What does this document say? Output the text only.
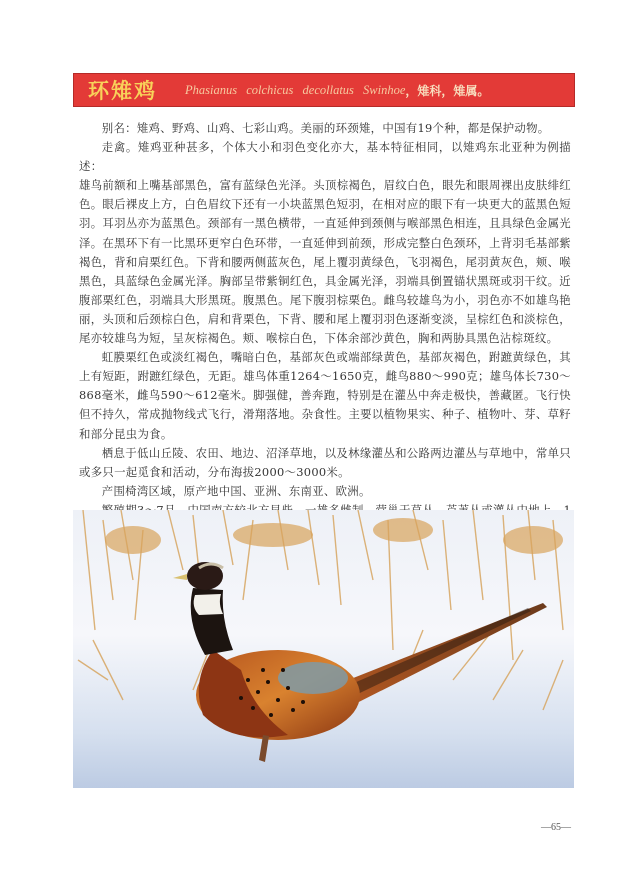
环雉鸡 Phasianus colchicus decollatus Swinhoe ，雉科，雉属。

别名：雉鸡、野鸡、山鸡、七彩山鸡。美丽的环颈雉，中国有19个种，都是保护动物。

走禽。雉鸡亚种甚多，个体大小和羽色变化亦大，基本特征相同，以雉鸡东北亚种为例描述：

雄鸟前额和上嘴基部黑色，富有蓝绿色光泽。头顶棕褐色，眉纹白色，眼先和眼周裸出皮肤绯红色。眼后裸皮上方，白色眉纹下还有一小块蓝黑色短羽，在相对应的眼下有一块更大的蓝黑色短羽。耳羽丛亦为蓝黑色。颈部有一黑色横带，一直延伸到颈侧与喉部黑色相连，且具绿色金属光泽。在黑环下有一比黑环更窄白色环带，一直延伸到前颈，形成完整白色颈环，上背羽毛基部紫褐色，背和肩栗红色。下背和腰两侧蓝灰色，尾上覆羽黄绿色，飞羽褐色，尾羽黄灰色，颊、喉黑色，具蓝绿色金属光泽。胸部呈带紫铜红色，具金属光泽，羽端具倒置锚状黑斑或羽干纹。近腹部栗红色，羽端具大形黑斑。腹黑色。尾下腹羽棕栗色。雌鸟较雄鸟为小，羽色亦不如雄鸟艳丽，头顶和后颈棕白色，肩和背栗色，下背、腰和尾上覆羽羽色逐渐变淡，呈棕红色和淡棕色，尾亦较雄鸟为短，呈灰棕褐色。颊、喉棕白色，下体余部沙黄色，胸和两胁具黑色沾棕斑纹。

虹膜栗红色或淡红褐色，嘴暗白色，基部灰色或端部绿黄色，基部灰褐色，跗蹠黄绿色，其上有短距，跗蹠红绿色，无距。雄鸟体重1264～1650克，雌鸟880～990克；雄鸟体长730～868毫米，雌鸟590～612毫米。脚强健，善奔跑，特别是在灌丛中奔走极快，善藏匿。飞行快但不持久，常成抛物线式飞行，滑翔落地。杂食性。主要以植物果实、种子、植物叶、芽、草籽和部分昆虫为食。

栖息于低山丘陵、农田、地边、沼泽草地，以及林缘灌丛和公路两边灌丛与草地中，常单只或多只一起觅食和活动，分布海拔2000～3000米。

产围椅湾区域，原产地中国、亚洲、东南亚、欧洲。

—65—
